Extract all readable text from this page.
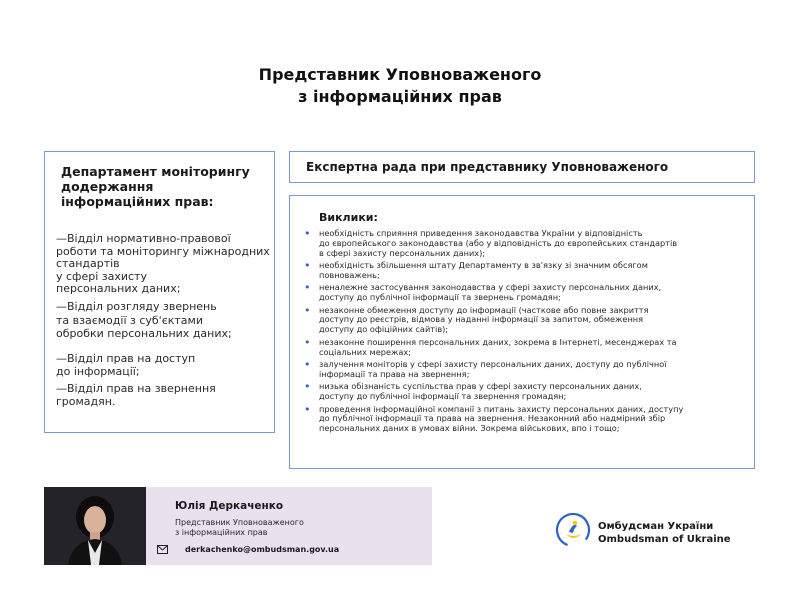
Представник Уповноваженого
з інформаційних прав
Департамент моніторингу додержання інформаційних прав:
—Відділ нормативно-правової роботи та моніторингу міжнародних стандартів
у сфері захисту
персональних даних;
—Відділ розгляду звернень
та взаємодії з суб'єктами
обробки персональних даних;
—Відділ прав на доступ
до інформації;
—Відділ прав на звернення
громадян.
Експертна рада при представнику Уповноваженого
Виклики:
• необхідність сприяння приведення законодавства України у відповідність
до європейського законодавства (або у відповідність до європейських стандартів
в сфері захисту персональних даних);
• необхідність збільшення штату Департаменту в зв'язку зі значним обсягом
повноважень;
• неналежне застосування законодавства у сфері захисту персональних даних,
доступу до публічної інформації та звернень громадян;
• незаконне обмеження доступу до інформації (часткове або повне закриття
доступу до реєстрів, відмова у наданні інформації за запитом, обмеження
доступу до офіційних сайтів);
• незаконне поширення персональних даних, зокрема в Інтернеті, месенджерах та
соціальних мережах;
• залучення моніторів у сфері захисту персональних даних, доступу до публічної
інформації та права на звернення;
• низька обізнаність суспільства прав у сфері захисту персональних даних,
доступу до публічної інформації та звернення громадян;
• проведення інформаційної компанії з питань захисту персональних даних, доступу
до публічної інформації та права на звернення. Незаконний або надмірний збір
персональних даних в умовах війни. Зокрема військових, впо і тощо;
Юлія Деркаченко
Представник Уповноваженого
з інформаційних прав
derkachenko@ombudsman.gov.ua
Омбудсман України
Ombudsman of Ukraine
